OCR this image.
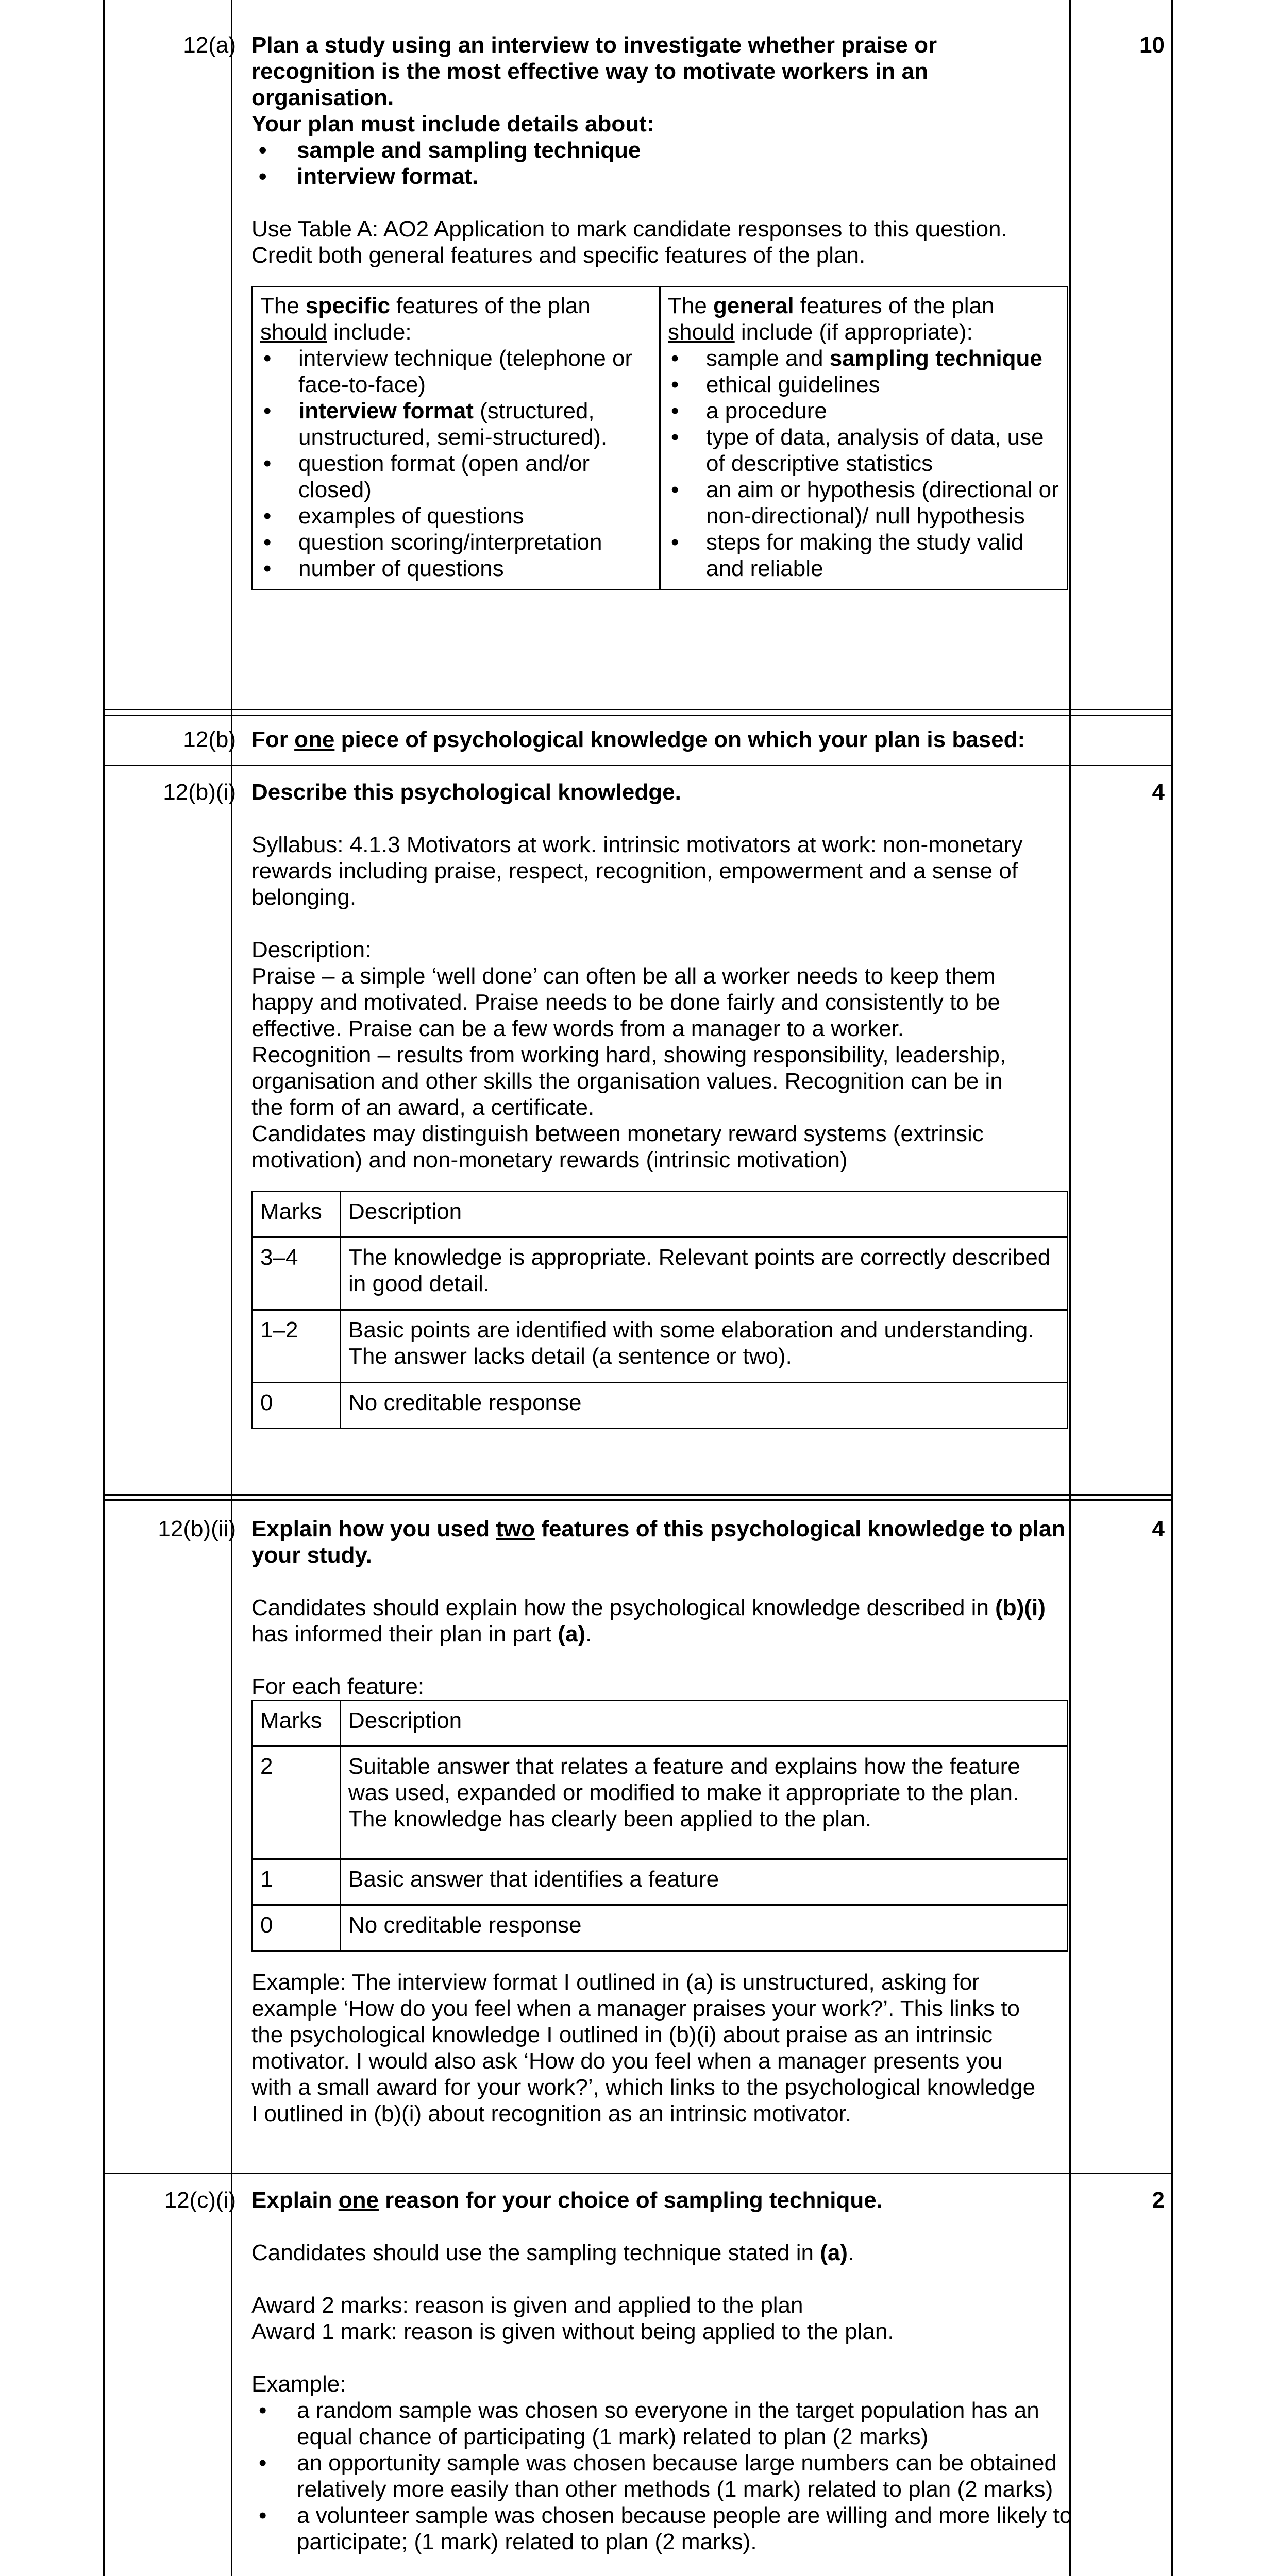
12(a)	10

Plan a study using an interview to investigate whether praise or

recognition is the most effective way to motivate workers in an

organisation.

Your plan must include details about:

• sample and sampling technique
• interview format.

Use Table A: AO2 Application to mark candidate responses to this question.

Credit both general features and specific features of the plan.

The specific features of the plan
should include:

• interview technique (telephone or face-to-face)
• interview format (structured, unstructured, semi-structured).
• question format (open and/or closed)
• examples of questions
• question scoring/interpretation
• number of questions

The general features of the plan
should include (if appropriate):

• sample and sampling technique
• ethical guidelines
• a procedure
• type of data, analysis of data, use of descriptive statistics
• an aim or hypothesis (directional or non-directional)/ null hypothesis
• steps for making the study valid and reliable
12(b) For one piece of psychological knowledge on which your plan is based:

12(b)(i)	4

Describe this psychological knowledge.

Syllabus: 4.1.3 Motivators at work. intrinsic motivators at work: non-monetary

rewards including praise, respect, recognition, empowerment and a sense of

belonging.

Description:

Praise – a simple ‘well done’ can often be all a worker needs to keep them

happy and motivated. Praise needs to be done fairly and consistently to be

effective. Praise can be a few words from a manager to a worker.

Recognition – results from working hard, showing responsibility, leadership,

organisation and other skills the organisation values. Recognition can be in

the form of an award, a certificate.

Candidates may distinguish between monetary reward systems (extrinsic

motivation) and non-monetary rewards (intrinsic motivation)

Marks	Description
3–4	The knowledge is appropriate. Relevant points are correctly described in good detail.
1–2	Basic points are identified with some elaboration and understanding. The answer lacks detail (a sentence or two).
0	No creditable response
12(b)(ii)	4

Explain how you used two features of this psychological knowledge to plan your study.

Candidates should explain how the psychological knowledge described in (b)(i) has informed their plan in part (a).

For each feature:

Marks	Description
2	Suitable answer that relates a feature and explains how the feature was used, expanded or modified to make it appropriate to the plan. The knowledge has clearly been applied to the plan.
1	Basic answer that identifies a feature
0	No creditable response

Example: The interview format I outlined in (a) is unstructured, asking for

example ‘How do you feel when a manager praises your work?’. This links to

the psychological knowledge I outlined in (b)(i) about praise as an intrinsic

motivator. I would also ask ‘How do you feel when a manager presents you

with a small award for your work?’, which links to the psychological knowledge

I outlined in (b)(i) about recognition as an intrinsic motivator.

12(c)(i)	2

Explain one reason for your choice of sampling technique.

Candidates should use the sampling technique stated in (a).

Award 2 marks: reason is given and applied to the plan

Award 1 mark: reason is given without being applied to the plan.

Example:

• a random sample was chosen so everyone in the target population has an equal chance of participating (1 mark) related to plan (2 marks)
• an opportunity sample was chosen because large numbers can be obtained relatively more easily than other methods (1 mark) related to plan (2 marks)
• a volunteer sample was chosen because people are willing and more likely to participate; (1 mark) related to plan (2 marks).
